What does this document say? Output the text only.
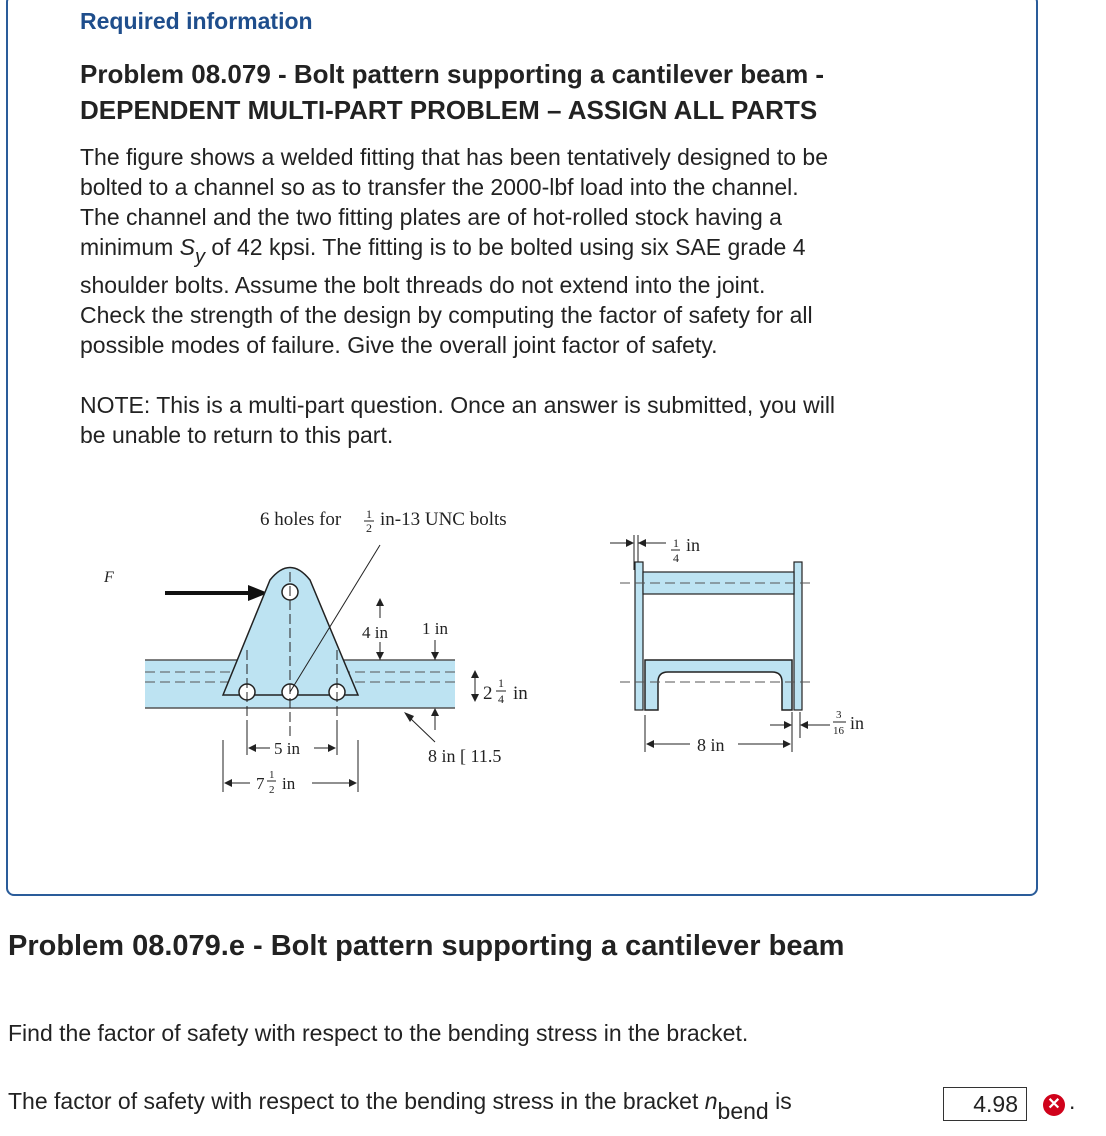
Required information
Problem 08.079 - Bolt pattern supporting a cantilever beam -
DEPENDENT MULTI-PART PROBLEM – ASSIGN ALL PARTS
The figure shows a welded fitting that has been tentatively designed to be
bolted to a channel so as to transfer the 2000-lbf load into the channel.
The channel and the two fitting plates are of hot-rolled stock having a
minimum $S_y$ of 42 kpsi. The fitting is to be bolted using six SAE grade 4
shoulder bolts. Assume the bolt threads do not extend into the joint.
Check the strength of the design by computing the factor of safety for all
possible modes of failure. Give the overall joint factor of safety.
NOTE: This is a multi-part question. Once an answer is submitted, you will
be unable to return to this part.
6 holes for 1
2 in-13 UNC bolts
F
4 in 1 in
2 1
4 in
5 in
7 1
2 in
8 in [ 11.5
1
4
in
8 in
3
16 in
Problem 08.079.e - Bolt pattern supporting a cantilever beam
Find the factor of safety with respect to the bending stress in the bracket.
The factor of safety with respect to the bending stress in the bracket $n_{bend}$ is	4.98	✕ .
